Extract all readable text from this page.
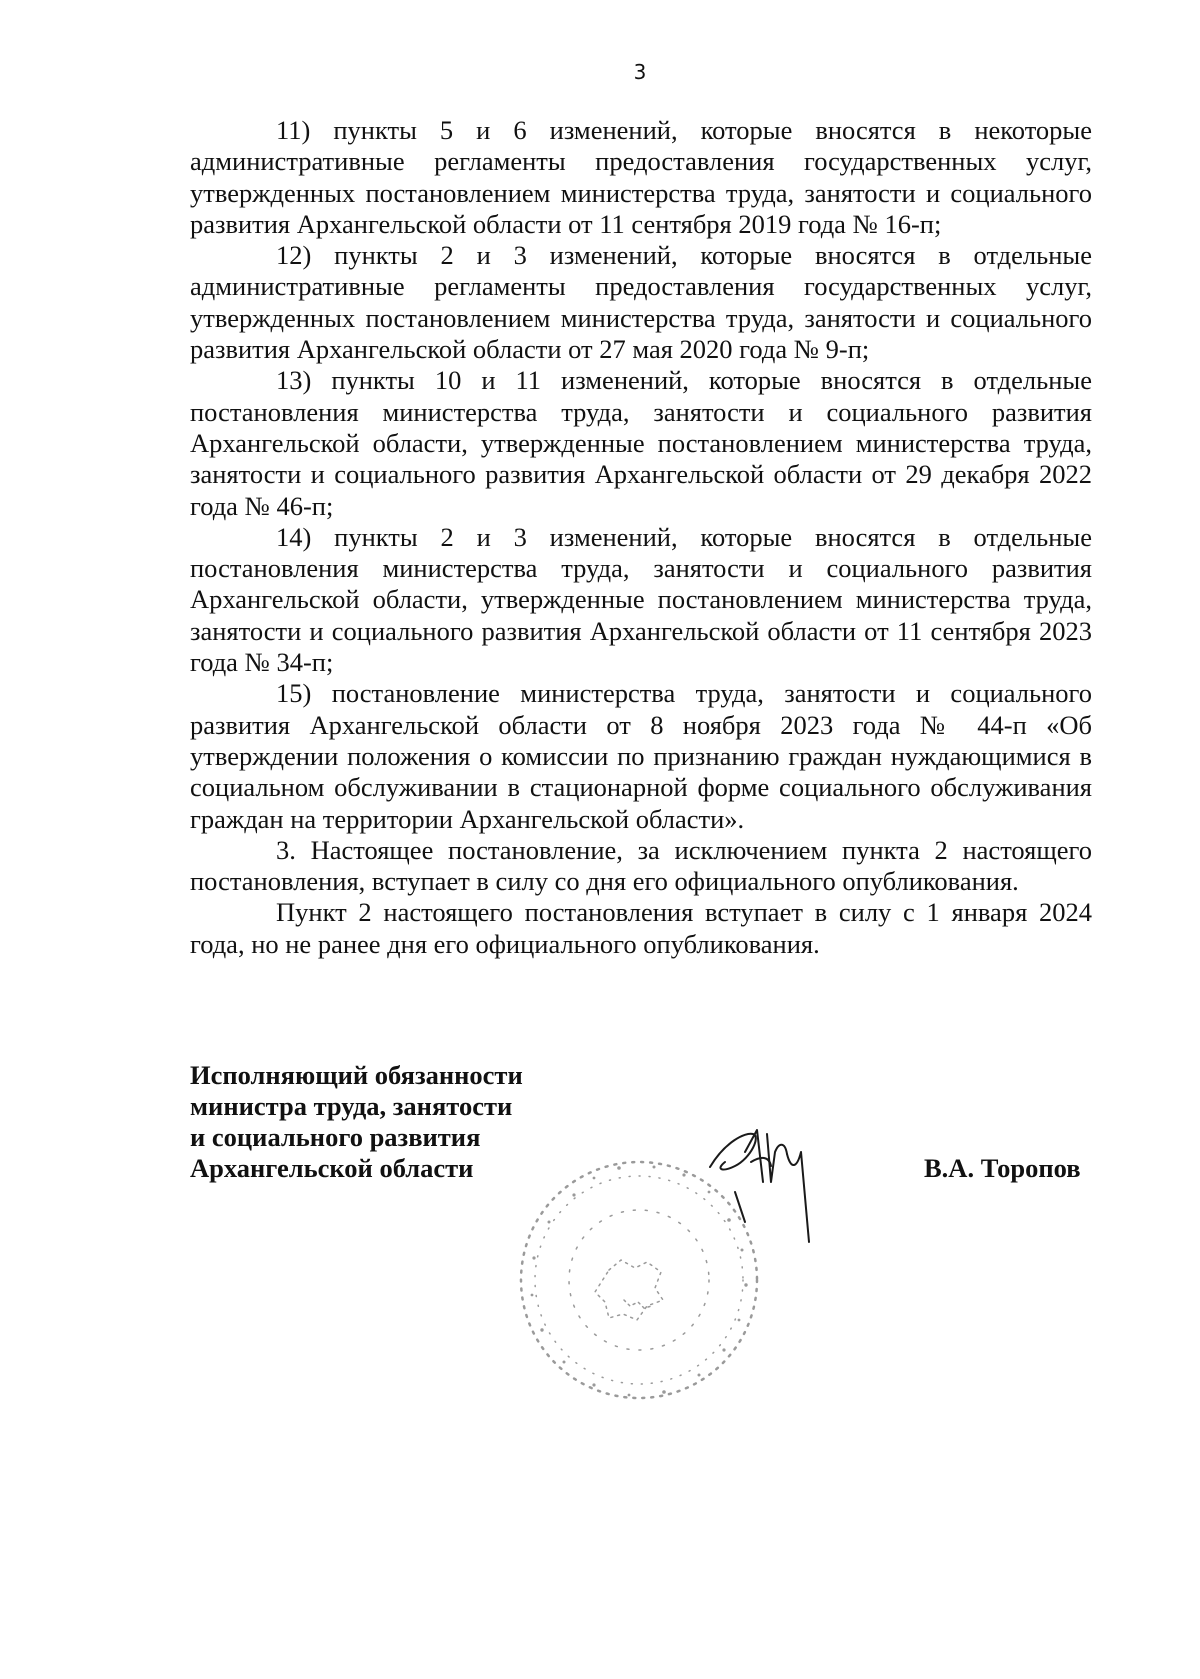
3

11) пункты 5 и 6 изменений, которые вносятся в некоторые административные регламенты предоставления государственных услуг, утвержденных постановлением министерства труда, занятости и социального развития Архангельской области от 11 сентября 2019 года № 16-п;

12) пункты 2 и 3 изменений, которые вносятся в отдельные административные регламенты предоставления государственных услуг, утвержденных постановлением министерства труда, занятости и социального развития Архангельской области от 27 мая 2020 года № 9-п;

13) пункты 10 и 11 изменений, которые вносятся в отдельные постановления министерства труда, занятости и социального развития Архангельской области, утвержденные постановлением министерства труда, занятости и социального развития Архангельской области от 29 декабря 2022 года № 46-п;

14) пункты 2 и 3 изменений, которые вносятся в отдельные постановления министерства труда, занятости и социального развития Архангельской области, утвержденные постановлением министерства труда, занятости и социального развития Архангельской области от 11 сентября 2023 года № 34-п;

15) постановление министерства труда, занятости и социального развития Архангельской области от 8 ноября 2023 года № 44-п «Об утверждении положения о комиссии по признанию граждан нуждающимися в социальном обслуживании в стационарной форме социального обслуживания граждан на территории Архангельской области».

3. Настоящее постановление, за исключением пункта 2 настоящего постановления, вступает в силу со дня его официального опубликования.

Пункт 2 настоящего постановления вступает в силу с 1 января 2024 года, но не ранее дня его официального опубликования.

Исполняющий обязанности
министра труда, занятости
и социального развития
Архангельской области	В.А. Торопов
